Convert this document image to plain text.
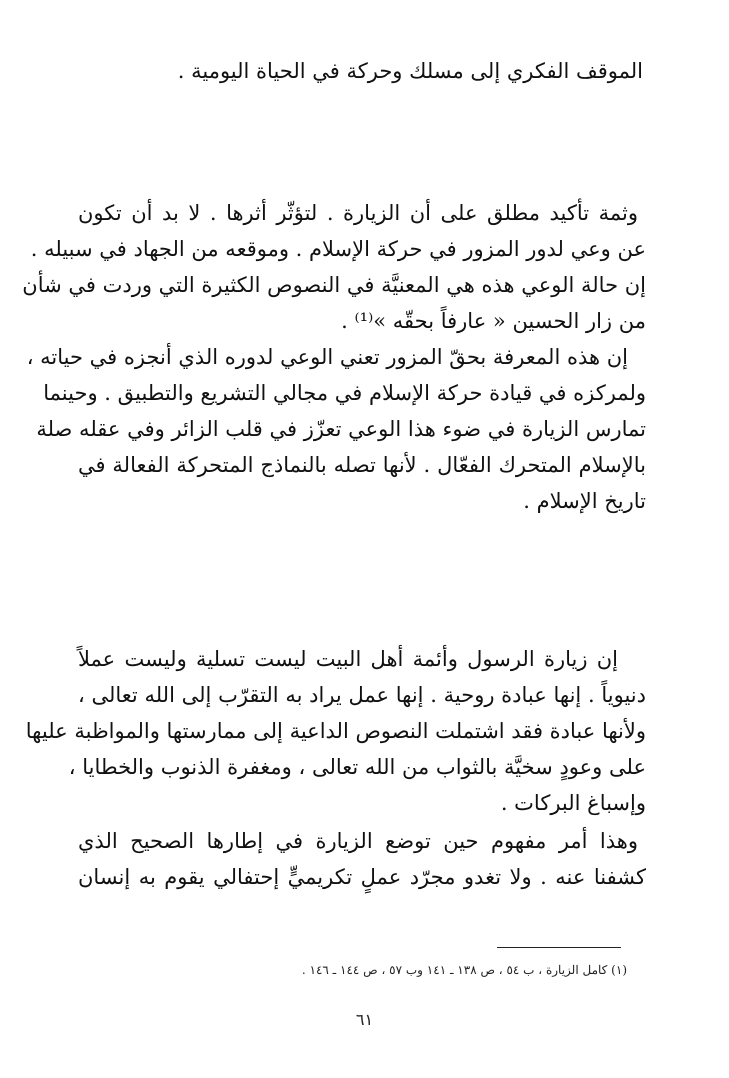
الموقف الفكري إلى مسلك وحركة في الحياة اليومية .
وثمة تأكيد مطلق على أن الزيارة . لتؤثّر أثرها . لا بد أن تكون
عن وعي لدور المزور في حركة الإسلام . وموقعه من الجهاد في سبيله .
إن حالة الوعي هذه هي المعنيَّة في النصوص الكثيرة التي وردت في شأن
من زار الحسين « عارفاً بحقّه »⁽¹⁾ .
إن هذه المعرفة بحقّ المزور تعني الوعي لدوره الذي أنجزه في حياته ،
ولمركزه في قيادة حركة الإسلام في مجالي التشريع والتطبيق . وحينما
تمارس الزيارة في ضوء هذا الوعي تعزّز في قلب الزائر وفي عقله صلة
بالإسلام المتحرك الفعّال . لأنها تصله بالنماذج المتحركة الفعالة في
تاريخ الإسلام .
إن زيارة الرسول وأئمة أهل البيت ليست تسلية وليست عملاً
دنيوياً . إنها عبادة روحية . إنها عمل يراد به التقرّب إلى الله تعالى ،
ولأنها عبادة فقد اشتملت النصوص الداعية إلى ممارستها والمواظبة عليها
على وعودٍ سخيَّة بالثواب من الله تعالى ، ومغفرة الذنوب والخطايا ،
وإسباغ البركات .
وهذا أمر مفهوم حين توضع الزيارة في إطارها الصحيح الذي
كشفنا عنه . ولا تغدو مجرّد عملٍ تكريميٍّ إحتفالي يقوم به إنسان
(١) كامل الزيارة ، ب ٥٤ ، ص ١٣٨ ـ ١٤١ وب ٥٧ ، ص ١٤٤ ـ ١٤٦ .
٦١
